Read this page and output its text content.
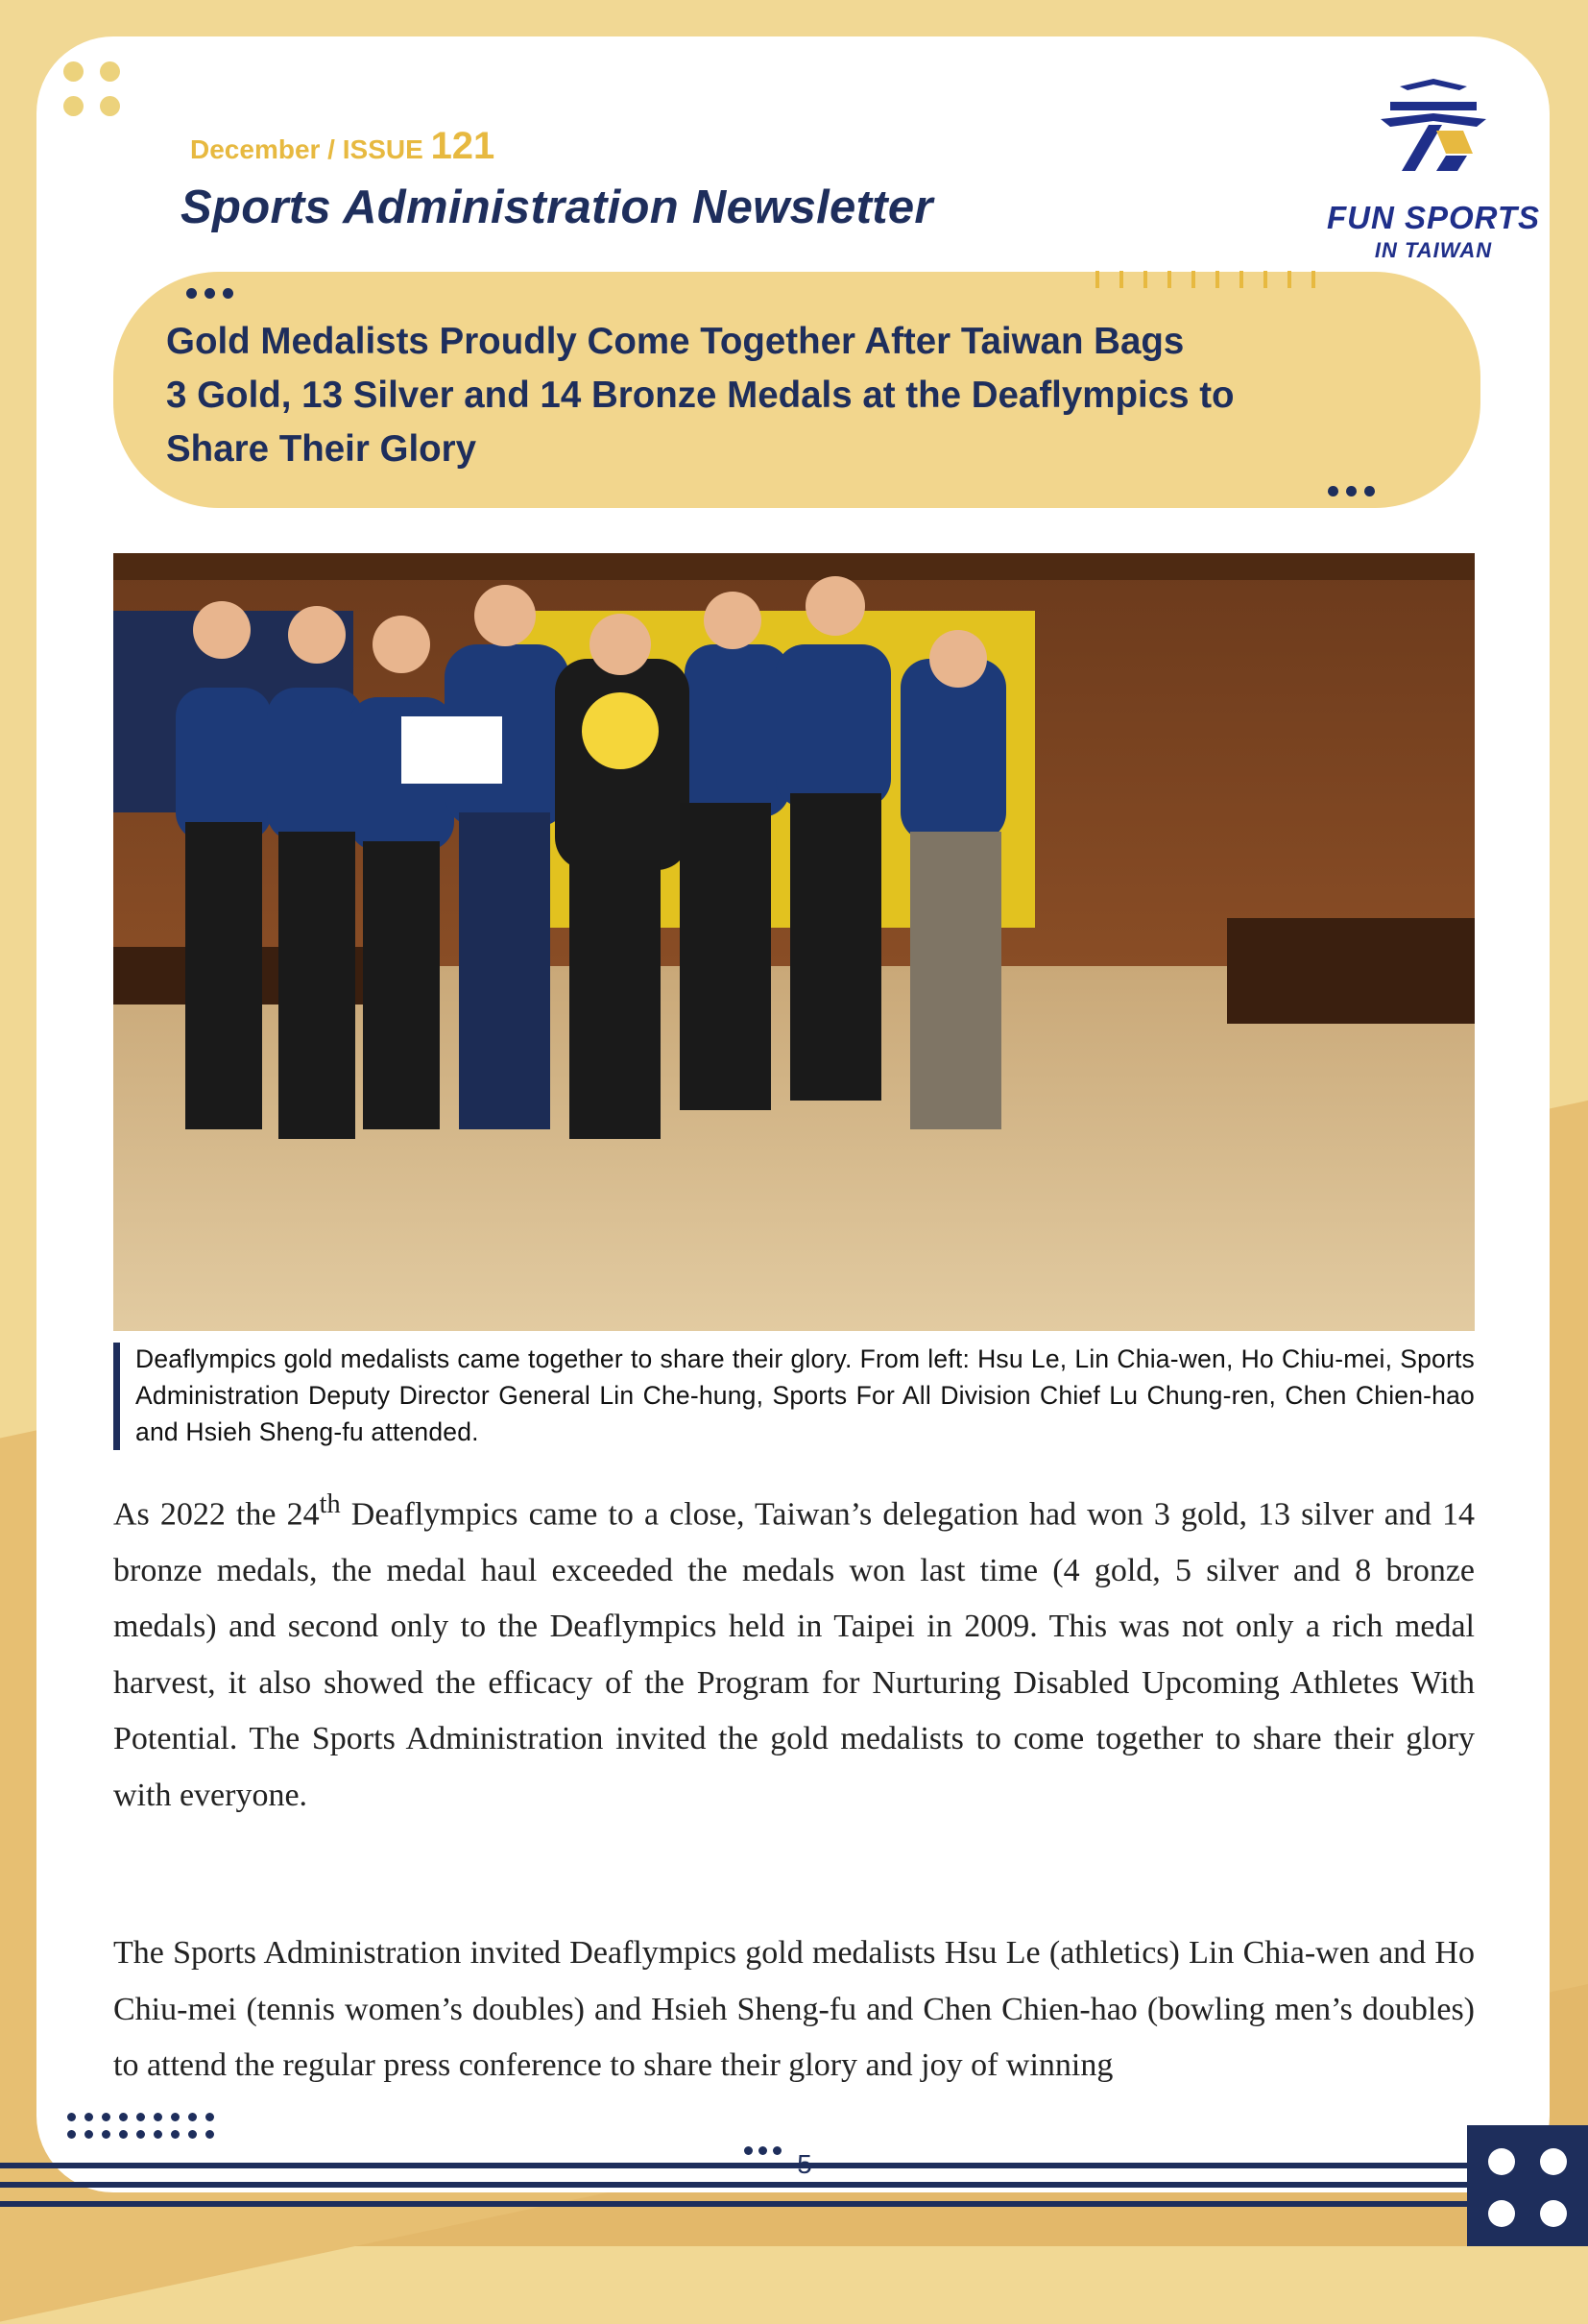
December / ISSUE 121
Sports Administration Newsletter	FUN SPORTS
IN TAIWAN
Gold Medalists Proudly Come Together After Taiwan Bags
3 Gold, 13 Silver and 14 Bronze Medals at the Deaflympics to
Share Their Glory

Deaflympics gold medalists came together to share their glory. From left: Hsu Le, Lin Chia-wen, Ho Chiu-mei, Sports Administration Deputy Director General Lin Che-hung, Sports For All Division Chief Lu Chung-ren, Chen Chien-hao and Hsieh Sheng-fu attended.

As 2022 the 24th Deaflympics came to a close, Taiwan’s delegation had won 3 gold, 13 silver and 14 bronze medals, the medal haul exceeded the medals won last time (4 gold, 5 silver and 8 bronze medals) and second only to the Deaflympics held in Taipei in 2009. This was not only a rich medal harvest, it also showed the efficacy of the Program for Nurturing Disabled Upcoming Athletes With Potential. The Sports Administration invited the gold medalists to come together to share their glory with everyone.

The Sports Administration invited Deaflympics gold medalists Hsu Le (athletics) Lin Chia-wen and Ho Chiu-mei (tennis women’s doubles) and Hsieh Sheng-fu and Chen Chien-hao (bowling men’s doubles) to attend the regular press conference to share their glory and joy of winning
